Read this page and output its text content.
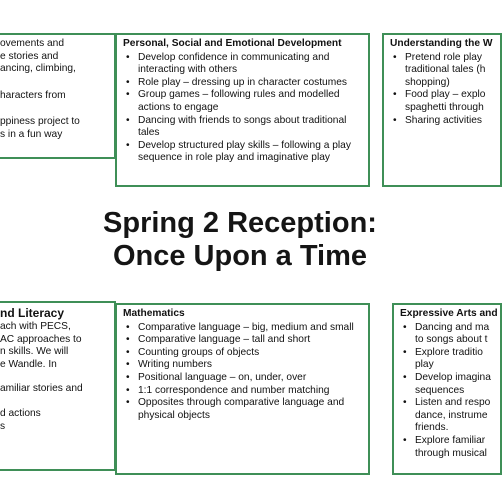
ovements and
e stories and
ancing, climbing,
haracters from
ppiness project to
s in a fun way
Personal, Social and Emotional Development
• Develop confidence in communicating and interacting with others
• Role play – dressing up in character costumes
• Group games – following rules and modelled actions to engage
• Dancing with friends to songs about traditional tales
• Develop structured play skills – following a play sequence in role play and imaginative play
Understanding the W
• Pretend role play traditional tales (h shopping)
• Food play – explo spaghetti through
• Sharing activities
Spring 2 Reception:
Once Upon a Time
nd Literacy
ach with PECS,
AC approaches to
n skills. We will
e Wandle. In
amiliar stories and
d actions
s
Mathematics
• Comparative language – big, medium and small
• Comparative language – tall and short
• Counting groups of objects
• Writing numbers
• Positional language – on, under, over
• 1:1 correspondence and number matching
• Opposites through comparative language and physical objects
Expressive Arts and
• Dancing and ma to songs about t
• Explore traditio play
• Develop imagina sequences
• Listen and respo dance, instrume friends.
• Explore familiar through musical
